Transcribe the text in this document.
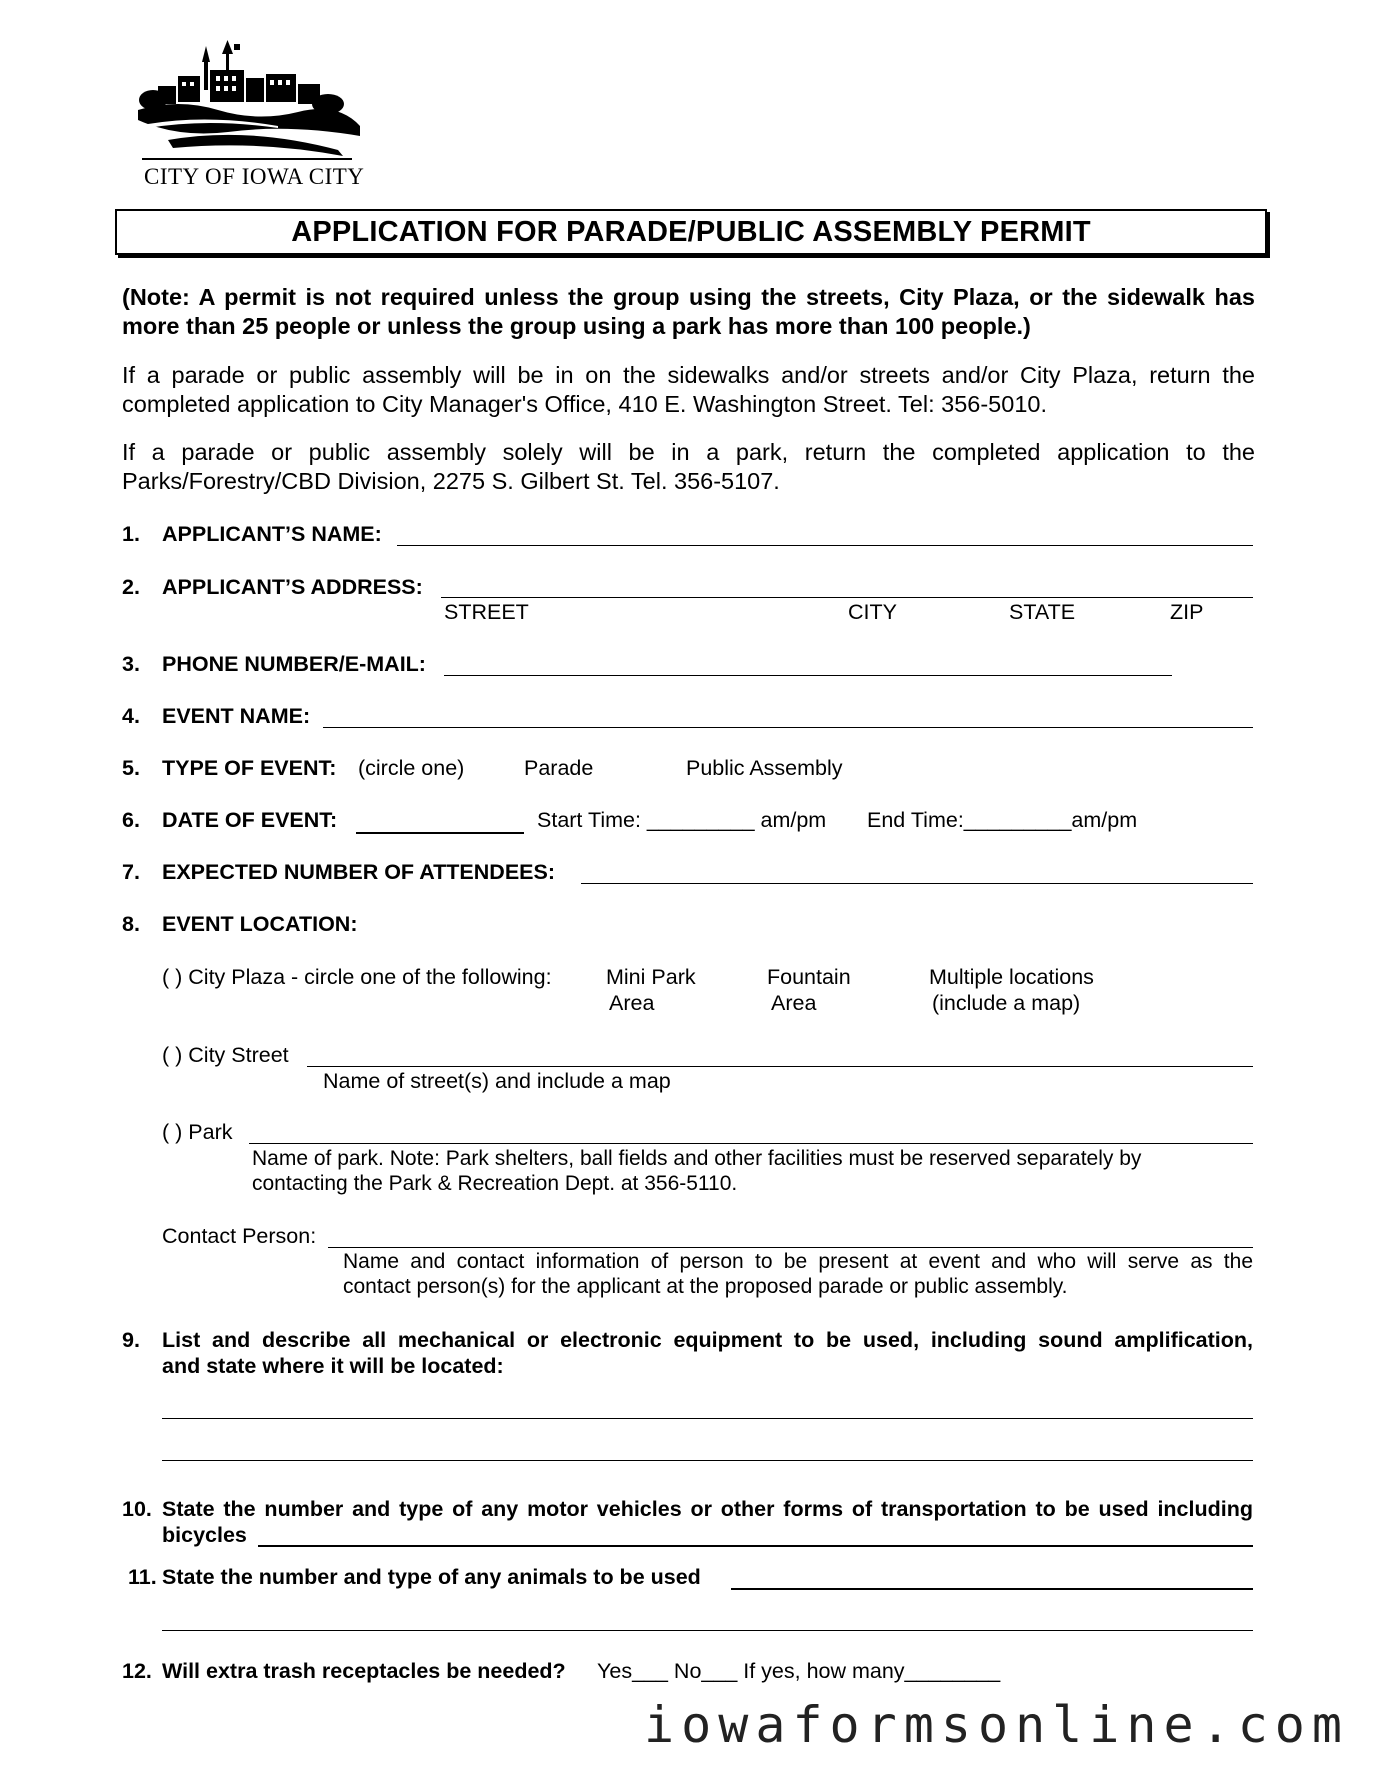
CITY OF IOWA CITY
APPLICATION FOR PARADE/PUBLIC ASSEMBLY PERMIT
(Note: A permit is not required unless the group using the streets, City Plaza, or the sidewalk has more than 25 people or unless the group using a park has more than 100 people.)
If a parade or public assembly will be in on the sidewalks and/or streets and/or City Plaza, return the completed application to City Manager's Office, 410 E. Washington Street. Tel: 356-5010.
If a parade or public assembly solely will be in a park, return the completed application to the Parks/Forestry/CBD Division, 2275 S. Gilbert St. Tel. 356-5107.
1. APPLICANT’S NAME:
2. APPLICANT’S ADDRESS:
STREET	CITY	STATE	ZIP
3. PHONE NUMBER/E-MAIL:
4. EVENT NAME:
5. TYPE OF EVENT: (circle one)	Parade	Public Assembly
6. DATE OF EVENT:	Start Time: _________ am/pm End Time:_________am/pm
7. EXPECTED NUMBER OF ATTENDEES:
8. EVENT LOCATION:
( ) City Plaza - circle one of the following:	Mini Park
Area
Fountain
Area
Multiple locations
(include a map)
( ) City Street
Name of street(s) and include a map
( ) Park
Name of park. Note: Park shelters, ball fields and other facilities must be reserved separately by
contacting the Park & Recreation Dept. at 356-5110.
Contact Person:
Name and contact information of person to be present at event and who will serve as the
contact person(s) for the applicant at the proposed parade or public assembly.
9. List and describe all mechanical or electronic equipment to be used, including sound amplification,
and state where it will be located:
10. State the number and type of any motor vehicles or other forms of transportation to be used including
bicycles
11. State the number and type of any animals to be used
12. Will extra trash receptacles be needed? Yes___ No___ If yes, how many________
iowaformsonline.com
